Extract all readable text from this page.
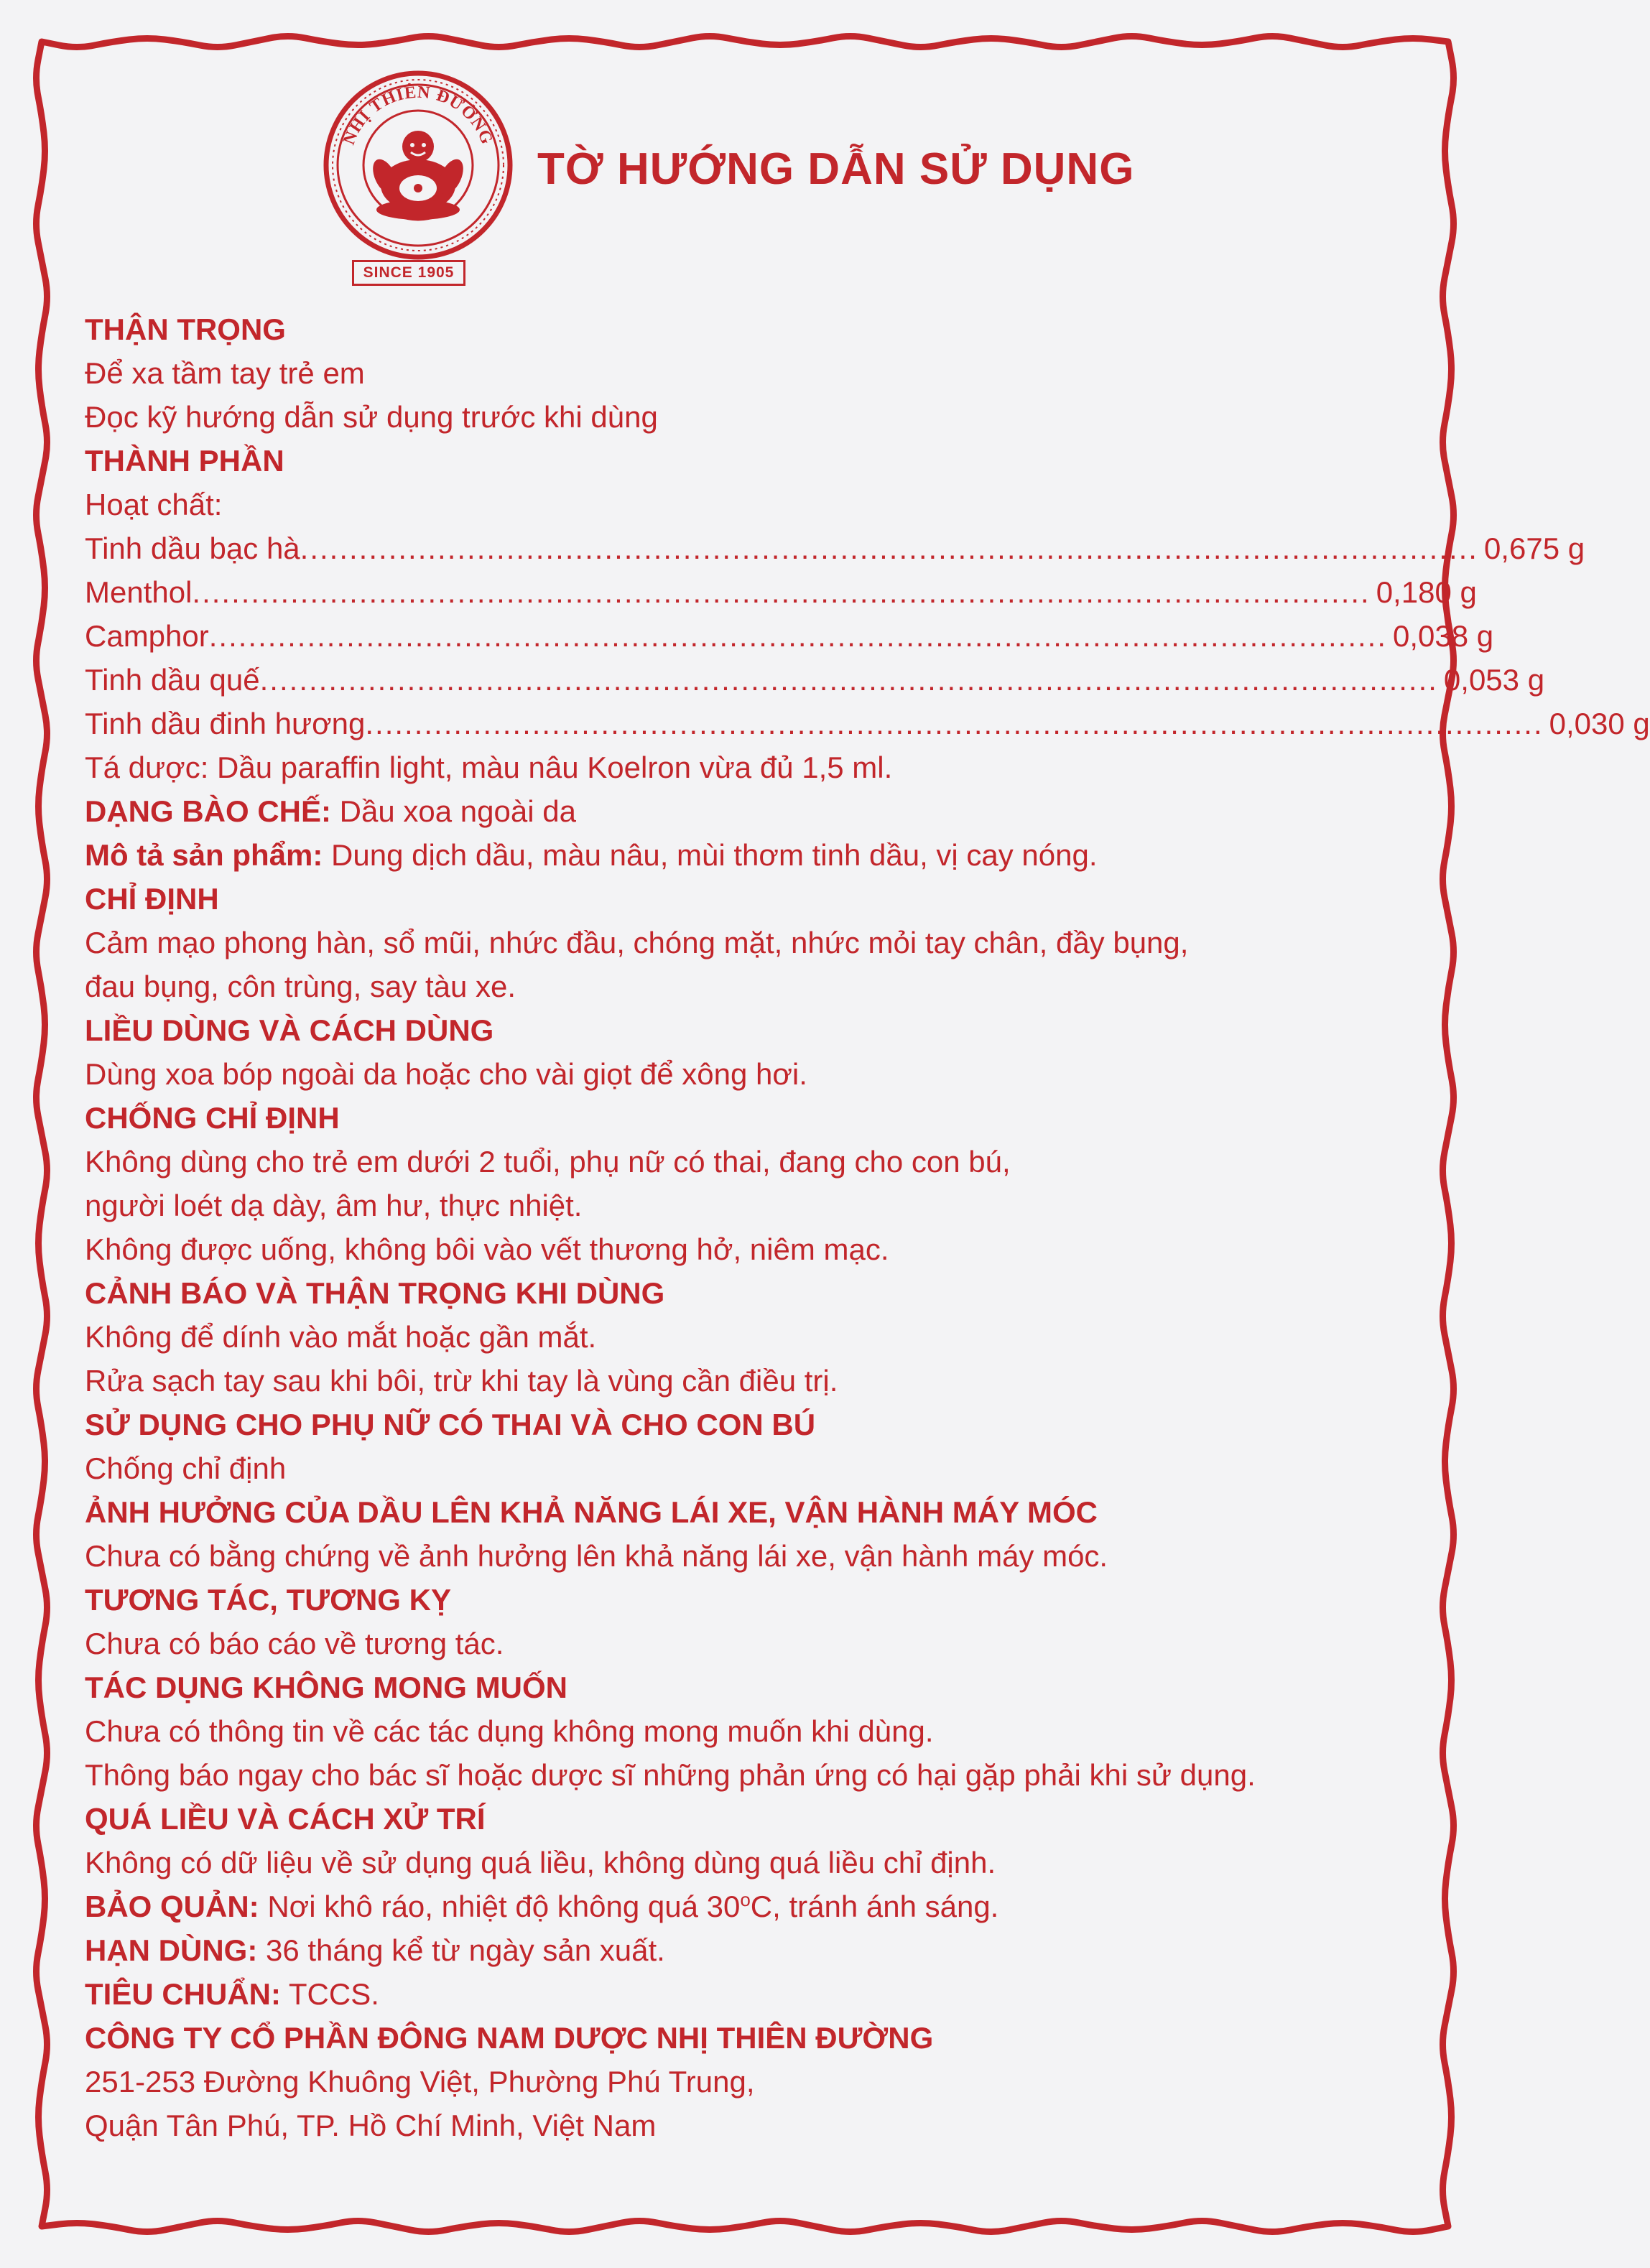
NHỊ THIÊN ĐƯỜNG
SINCE 1905
TỜ HƯỚNG DẪN SỬ DỤNG
THẬN TRỌNG
Để xa tầm tay trẻ em
Đọc kỹ hướng dẫn sử dụng trước khi dùng
THÀNH PHẦN
Hoạt chất:
Tinh dầu bạc hà ........................................................................................................................ 0,675 g
Menthol ........................................................................................................................ 0,180 g
Camphor ........................................................................................................................ 0,038 g
Tinh dầu quế ........................................................................................................................ 0,053 g
Tinh dầu đinh hương ........................................................................................................................ 0,030 g
Tá dược: Dầu paraffin light, màu nâu Koelron vừa đủ 1,5 ml.
DẠNG BÀO CHẾ: Dầu xoa ngoài da
Mô tả sản phẩm: Dung dịch dầu, màu nâu, mùi thơm tinh dầu, vị cay nóng.
CHỈ ĐỊNH
Cảm mạo phong hàn, sổ mũi, nhức đầu, chóng mặt, nhức mỏi tay chân, đầy bụng,
đau bụng, côn trùng, say tàu xe.
LIỀU DÙNG VÀ CÁCH DÙNG
Dùng xoa bóp ngoài da hoặc cho vài giọt để xông hơi.
CHỐNG CHỈ ĐỊNH
Không dùng cho trẻ em dưới 2 tuổi, phụ nữ có thai, đang cho con bú,
người loét dạ dày, âm hư, thực nhiệt.
Không được uống, không bôi vào vết thương hở, niêm mạc.
CẢNH BÁO VÀ THẬN TRỌNG KHI DÙNG
Không để dính vào mắt hoặc gần mắt.
Rửa sạch tay sau khi bôi, trừ khi tay là vùng cần điều trị.
SỬ DỤNG CHO PHỤ NỮ CÓ THAI VÀ CHO CON BÚ
Chống chỉ định
ẢNH HƯỞNG CỦA DẦU LÊN KHẢ NĂNG LÁI XE, VẬN HÀNH MÁY MÓC
Chưa có bằng chứng về ảnh hưởng lên khả năng lái xe, vận hành máy móc.
TƯƠNG TÁC, TƯƠNG KỴ
Chưa có báo cáo về tương tác.
TÁC DỤNG KHÔNG MONG MUỐN
Chưa có thông tin về các tác dụng không mong muốn khi dùng.
Thông báo ngay cho bác sĩ hoặc dược sĩ những phản ứng có hại gặp phải khi sử dụng.
QUÁ LIỀU VÀ CÁCH XỬ TRÍ
Không có dữ liệu về sử dụng quá liều, không dùng quá liều chỉ định.
BẢO QUẢN: Nơi khô ráo, nhiệt độ không quá 30$^o$C, tránh ánh sáng.
HẠN DÙNG: 36 tháng kể từ ngày sản xuất.
TIÊU CHUẨN: TCCS.
CÔNG TY CỔ PHẦN ĐÔNG NAM DƯỢC NHỊ THIÊN ĐƯỜNG
251-253 Đường Khuông Việt, Phường Phú Trung,
Quận Tân Phú, TP. Hồ Chí Minh, Việt Nam
